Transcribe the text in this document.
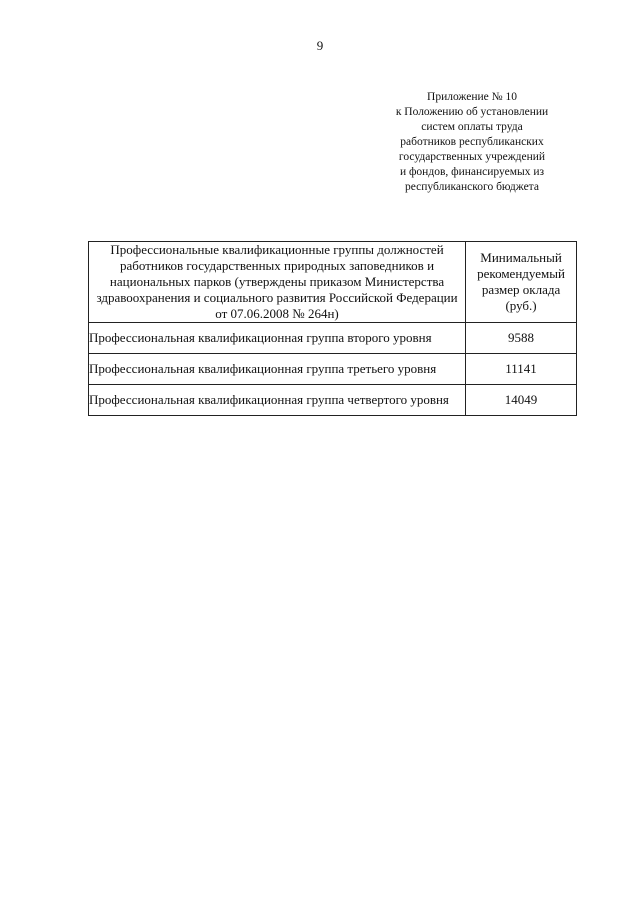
9
Приложение № 10
к Положению об установлении
систем оплаты труда
работников республиканских
государственных учреждений
и фондов, финансируемых из
республиканского бюджета
Профессиональные квалификационные группы должностей работников государственных природных заповедников и национальных парков (утверждены приказом Министерства здравоохранения и социального развития Российской Федерации от 07.06.2008 № 264н)	Минимальный рекомендуемый размер оклада (руб.)
Профессиональная квалификационная группа второго уровня	9588
Профессиональная квалификационная группа третьего уровня	11141
Профессиональная квалификационная группа четвертого уровня	14049
